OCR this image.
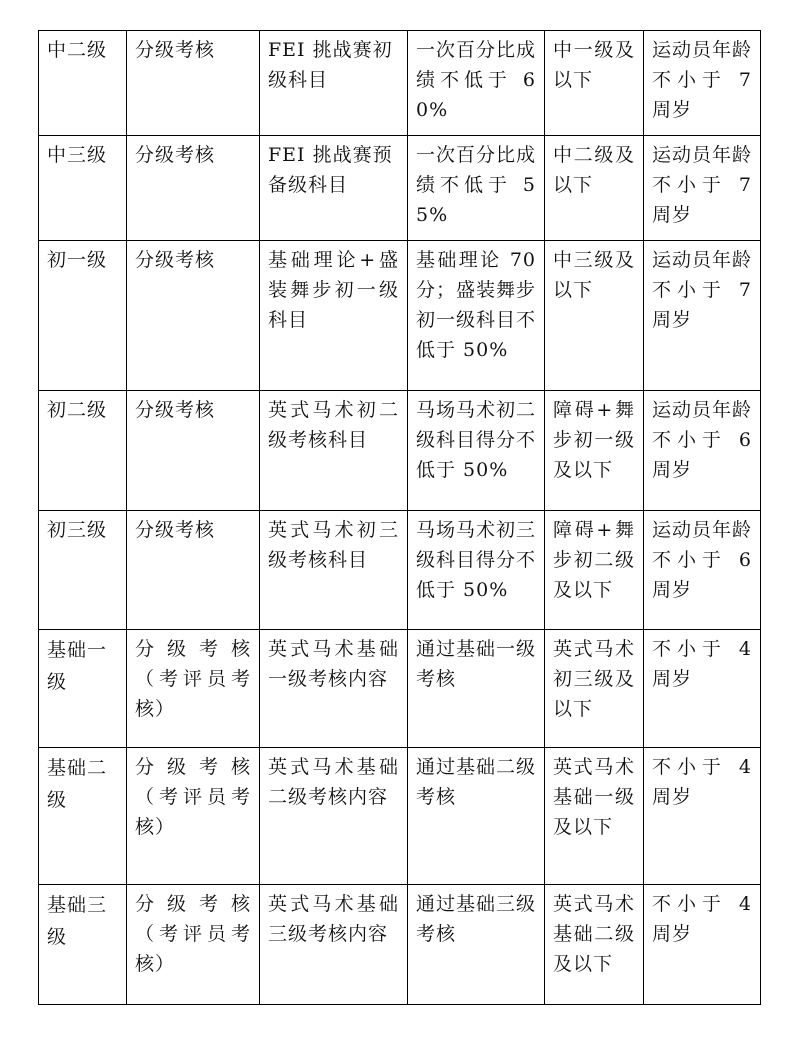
中二级	分级考核	FEI 挑战赛初级科目	一次百分比成绩不低于 60%	中一级及以下	运动员年龄不小于 7 周岁
中三级	分级考核	FEI 挑战赛预备级科目	一次百分比成绩不低于 55%	中二级及以下	运动员年龄不小于 7 周岁
初一级	分级考核	基础理论+盛装舞步初一级科目	基础理论 70 分；盛装舞步初一级科目不低于 50%	中三级及以下	运动员年龄不小于 7 周岁
初二级	分级考核	英式马术初二级考核科目	马场马术初二级科目得分不低于 50%	障碍+舞步初一级及以下	运动员年龄不小于 6 周岁
初三级	分级考核	英式马术初三级考核科目	马场马术初三级科目得分不低于 50%	障碍+舞步初二级及以下	运动员年龄不小于 6 周岁
基础一级	分级考核（考评员考核）	英式马术基础一级考核内容	通过基础一级考核	英式马术初三级及以下	不小于 4 周岁
基础二级	分级考核（考评员考核）	英式马术基础二级考核内容	通过基础二级考核	英式马术基础一级及以下	不小于 4 周岁
基础三级	分级考核（考评员考核）	英式马术基础三级考核内容	通过基础三级考核	英式马术基础二级及以下	不小于 4 周岁
